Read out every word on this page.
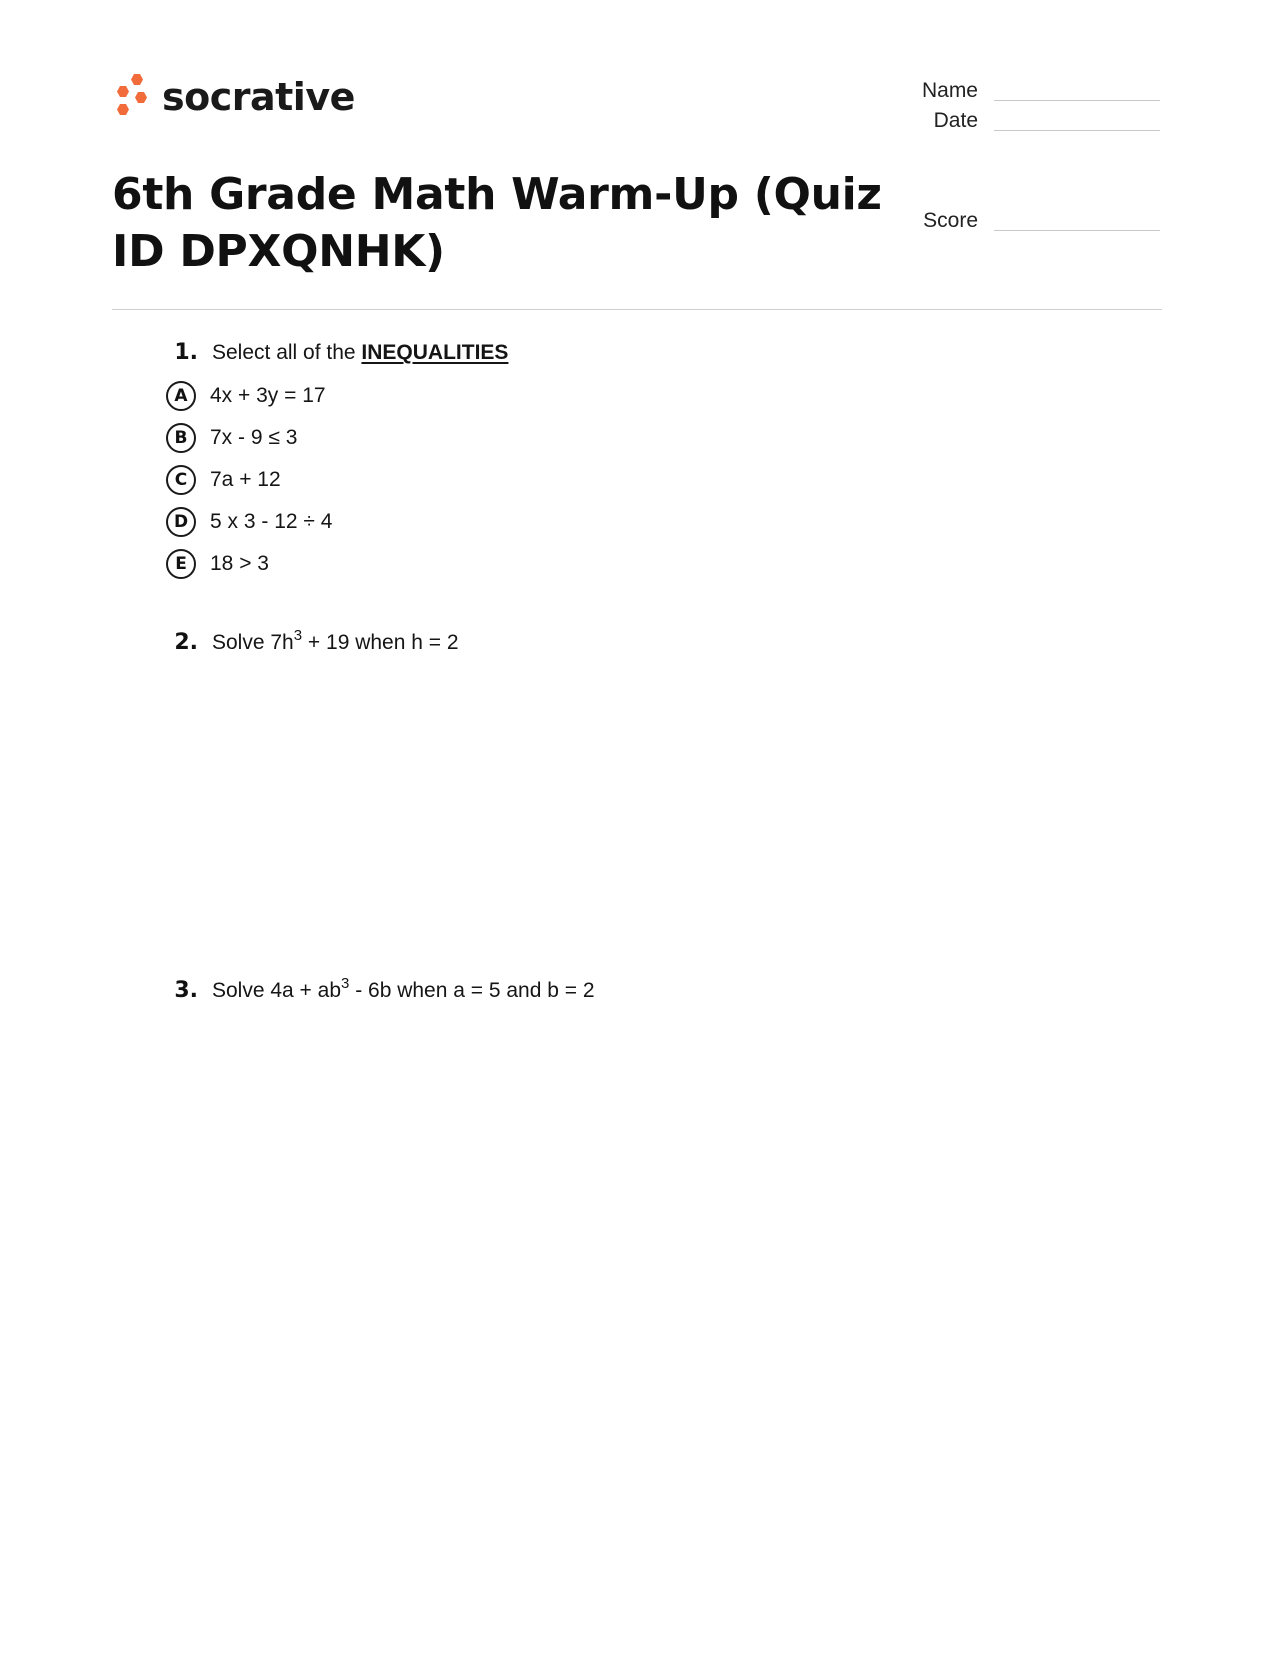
socrative	Name
Date
Score
6th Grade Math Warm-Up (Quiz ID DPXQNHK)
1. Select all of the INEQUALITIES
A	4x + 3y = 17
B	7x - 9 ≤ 3
C	7a + 12
D	5 x 3 - 12 ÷ 4
E	18 > 3
2. Solve $7h^3 + 19$ when h = 2
3. Solve $4a + ab^3 - 6b$ when a = 5 and b = 2
